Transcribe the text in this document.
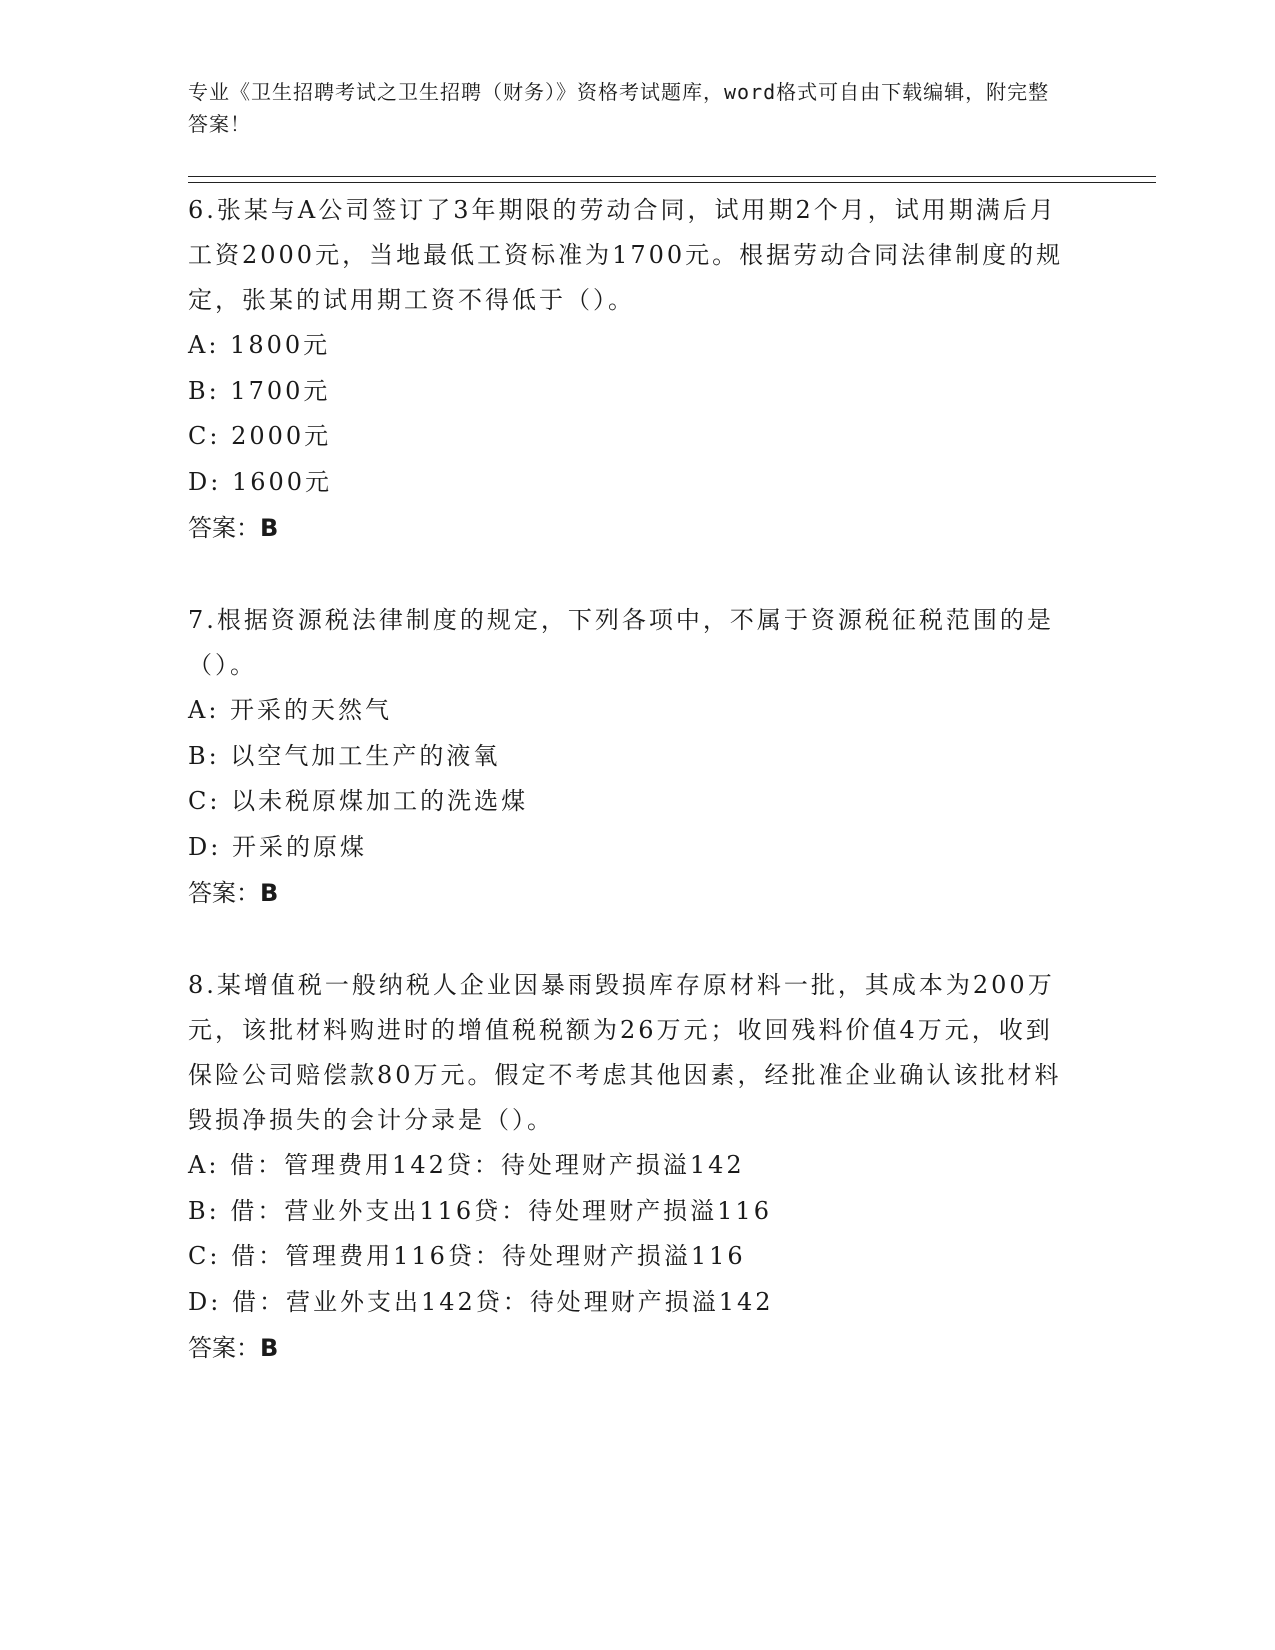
专业《卫生招聘考试之卫生招聘（财务）》资格考试题库，word格式可自由下载编辑，附完整答案！

6.张某与A公司签订了3年期限的劳动合同，试用期2个月，试用期满后月工资2000元，当地最低工资标准为1700元。根据劳动合同法律制度的规定，张某的试用期工资不得低于（）。

A: 1800元

B: 1700元

C: 2000元

D: 1600元

答案：B

7.根据资源税法律制度的规定，下列各项中，不属于资源税征税范围的是（）。

A: 开采的天然气

B: 以空气加工生产的液氧

C: 以未税原煤加工的洗选煤

D: 开采的原煤

答案：B

8.某增值税一般纳税人企业因暴雨毁损库存原材料一批，其成本为200万元，该批材料购进时的增值税税额为26万元；收回残料价值4万元，收到保险公司赔偿款80万元。假定不考虑其他因素，经批准企业确认该批材料毁损净损失的会计分录是（）。

A: 借：管理费用142贷：待处理财产损溢142

B: 借：营业外支出116贷：待处理财产损溢116

C: 借：管理费用116贷：待处理财产损溢116

D: 借：营业外支出142贷：待处理财产损溢142

答案：B
